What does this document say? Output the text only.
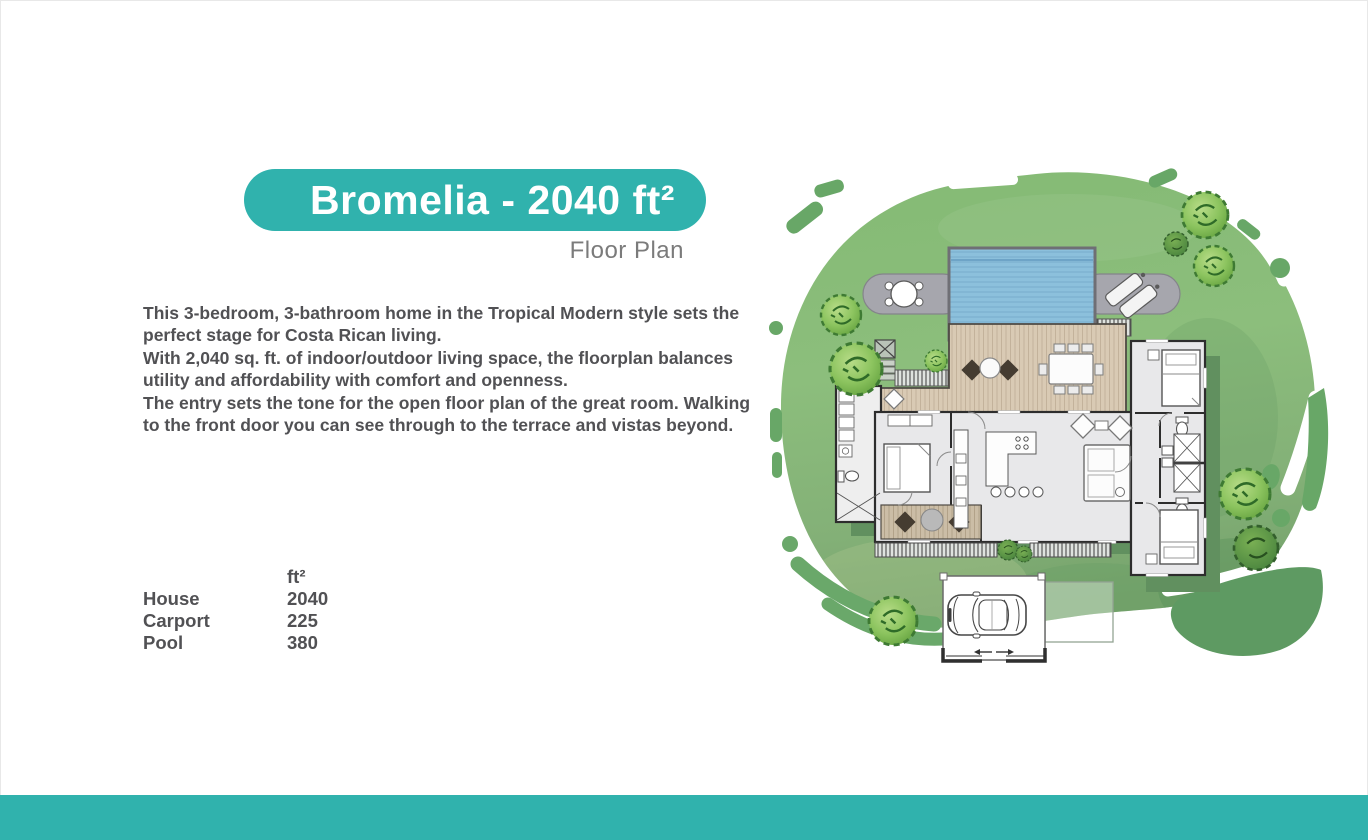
Bromelia - 2040 ft²
Floor Plan

This 3-bedroom, 3-bathroom home in the Tropical Modern style sets the perfect stage for Costa Rican living.

With 2,040 sq. ft. of indoor/outdoor living space, the floorplan balances utility and affordability with comfort and openness.

The entry sets the tone for the open floor plan of the great room. Walking to the front door you can see through to the terrace and vistas beyond.

ft²
House	2040
Carport	225
Pool	380
